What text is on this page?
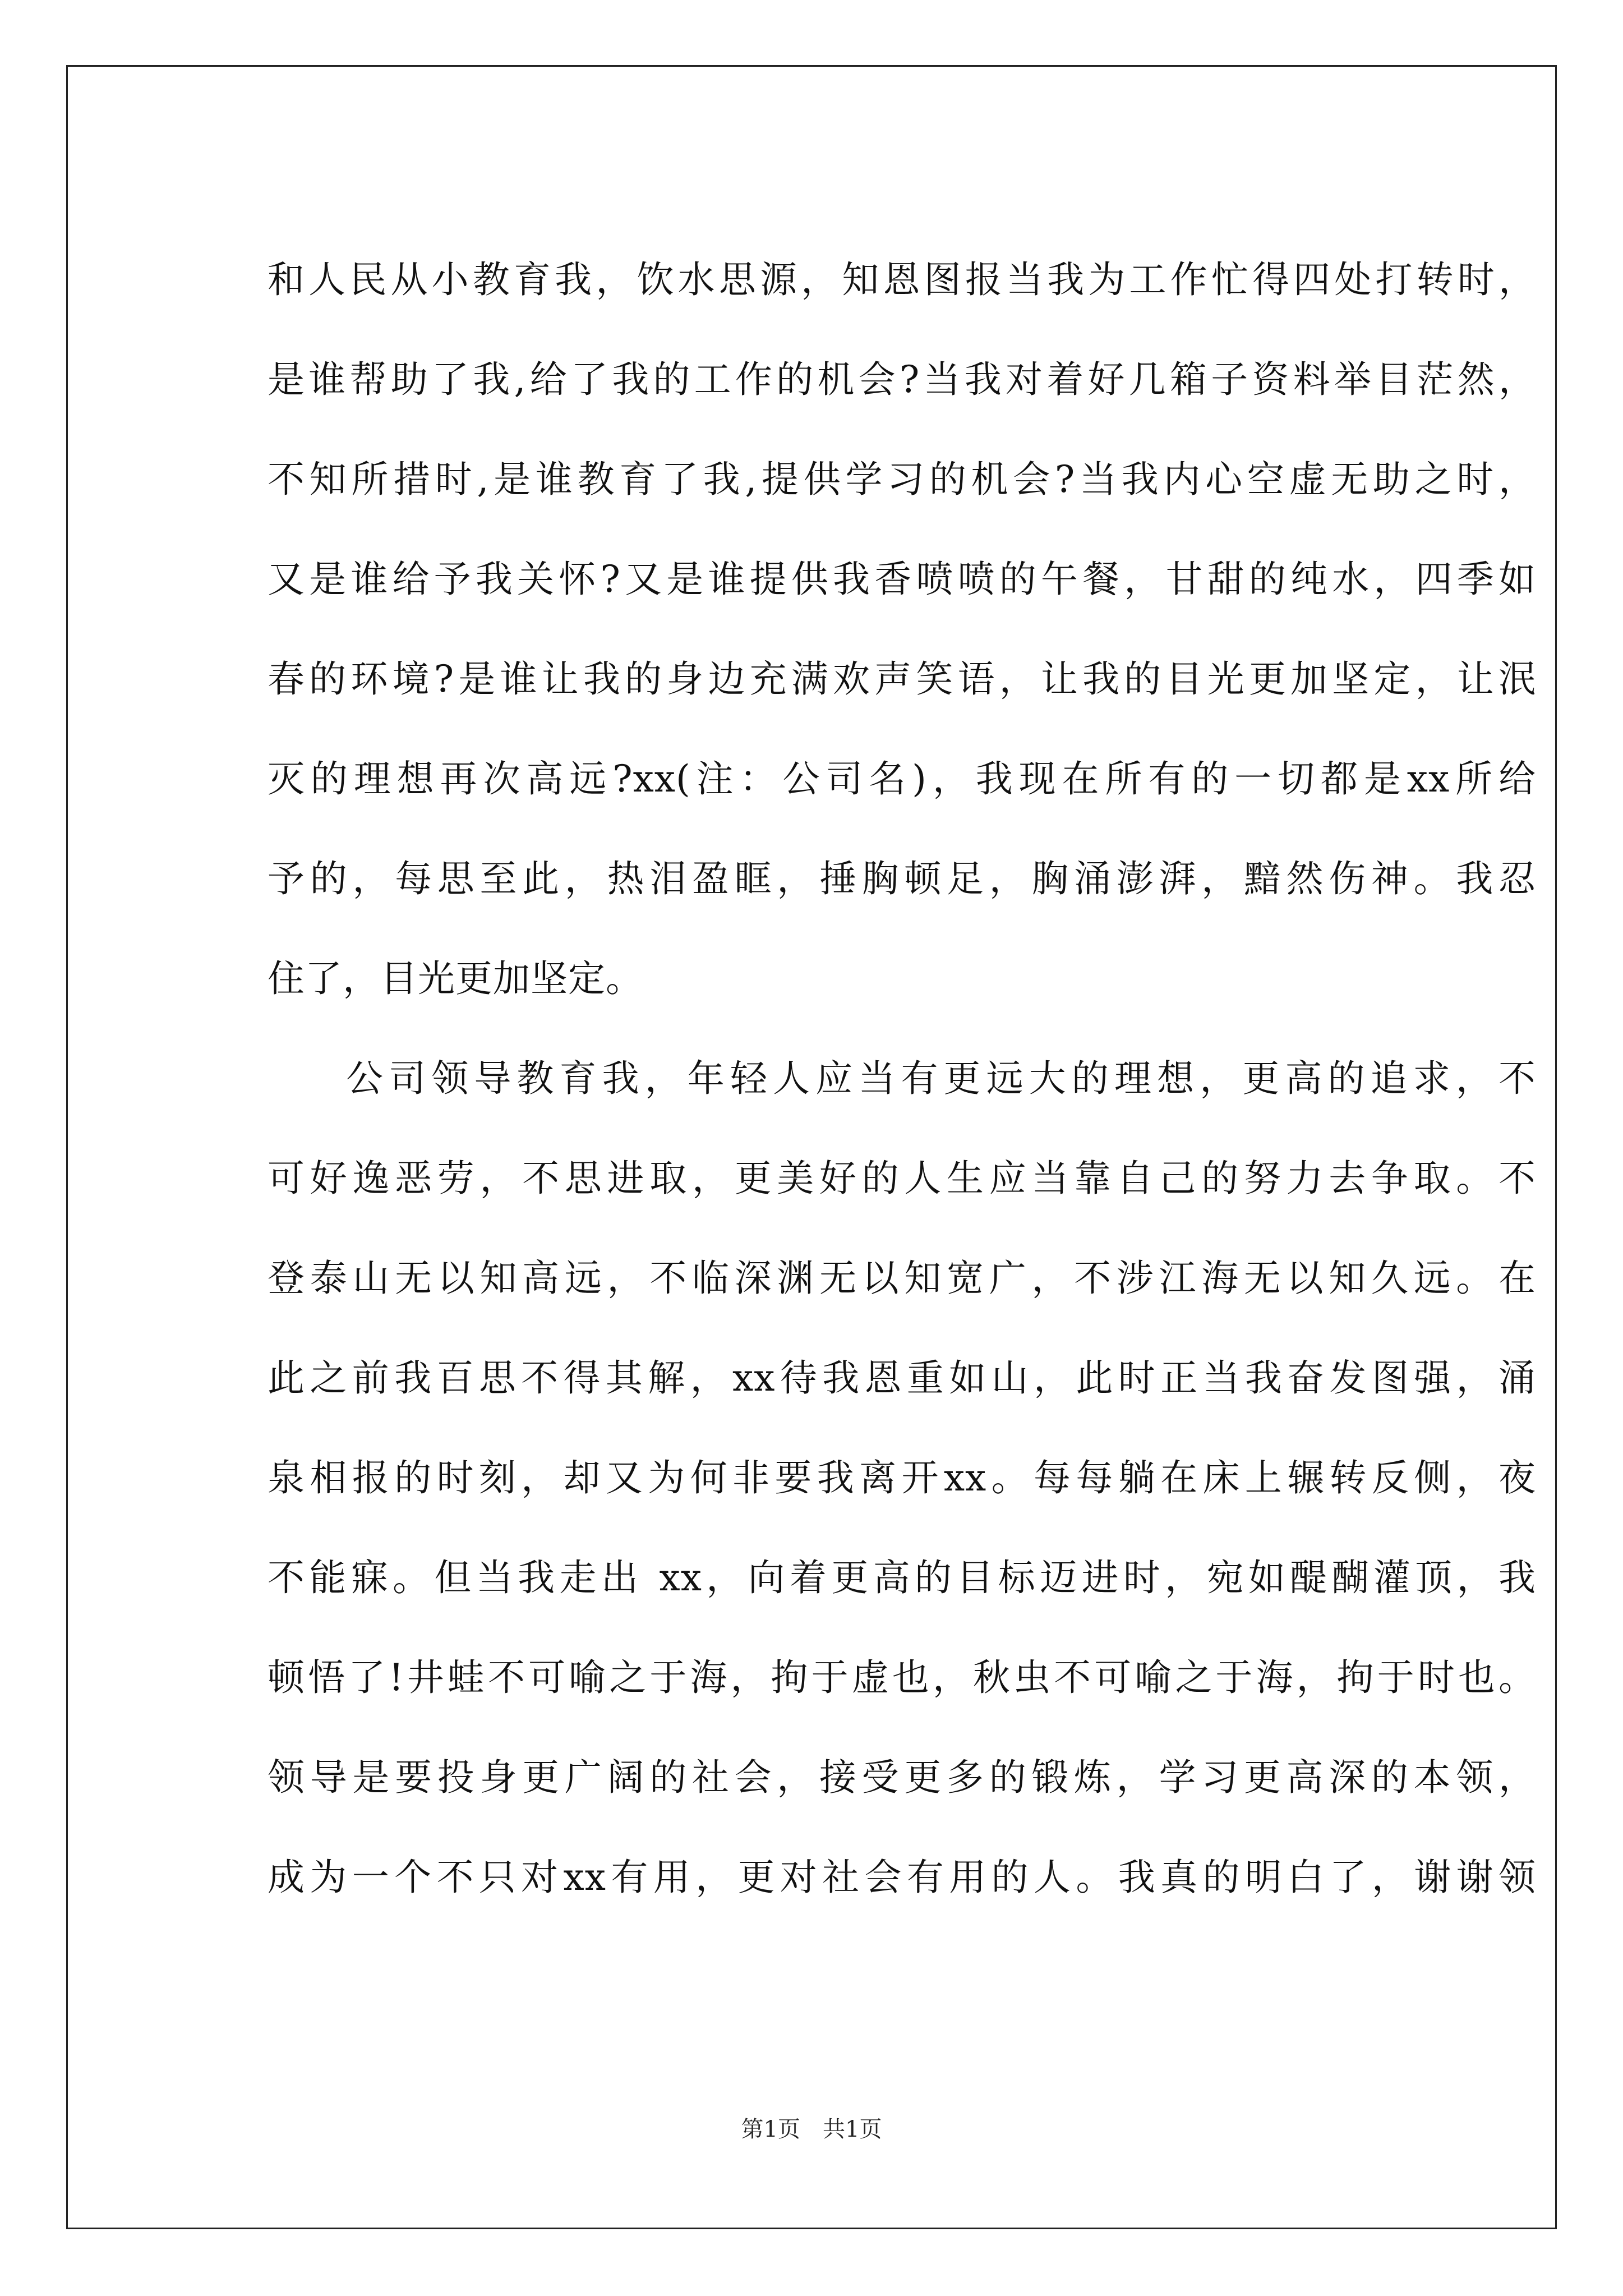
和人民从小教育我，饮水思源，知恩图报当我为工作忙得四处打转时，
是谁帮助了我,给了我的工作的机会?当我对着好几箱子资料举目茫然，
不知所措时,是谁教育了我,提供学习的机会?当我内心空虚无助之时，
又是谁给予我关怀?又是谁提供我香喷喷的午餐，甘甜的纯水，四季如
春的环境?是谁让我的身边充满欢声笑语，让我的目光更加坚定，让泯
灭的理想再次高远?xx(注：公司名)，我现在所有的一切都是xx所给
予的，每思至此，热泪盈眶，捶胸顿足，胸涌澎湃，黯然伤神。我忍
住了，目光更加坚定。
公司领导教育我，年轻人应当有更远大的理想，更高的追求，不
可好逸恶劳，不思进取，更美好的人生应当靠自己的努力去争取。不
登泰山无以知高远，不临深渊无以知宽广，不涉江海无以知久远。在
此之前我百思不得其解，xx待我恩重如山，此时正当我奋发图强，涌
泉相报的时刻，却又为何非要我离开xx。每每躺在床上辗转反侧，夜
不能寐。但当我走出 xx，向着更高的目标迈进时，宛如醍醐灌顶，我
顿悟了!井蛙不可喻之于海，拘于虚也，秋虫不可喻之于海，拘于时也。
领导是要投身更广阔的社会，接受更多的锻炼，学习更高深的本领，
成为一个不只对xx有用，更对社会有用的人。我真的明白了，谢谢领
第1页　共1页
